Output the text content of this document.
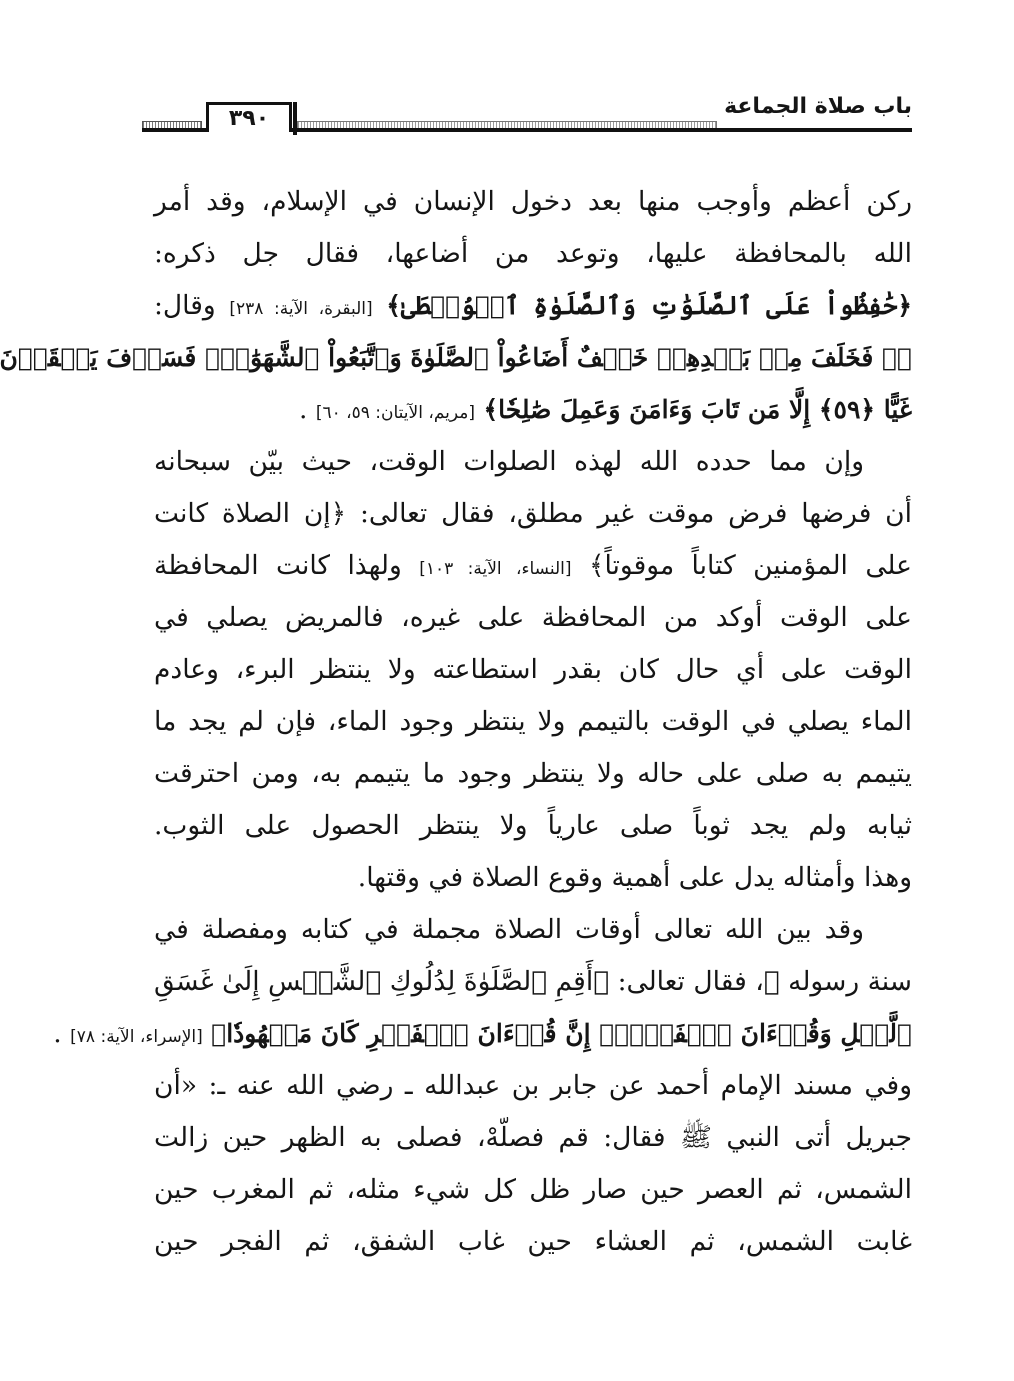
٣٩٠	باب صلاة الجماعة
ركن أعظم وأوجب منها بعد دخول الإنسان في الإسلام، وقد أمر
الله بالمحافظة عليها، وتوعد من أضاعها، فقال جل ذكره:
﴿حَٰفِظُواْ عَلَى ٱلصَّلَوَٰتِ وَٱلصَّلَوٰةِ ٱلۡوُسۡطَىٰ﴾ [البقرة، الآية: ٢٣٨] وقال:
﴿۞ فَخَلَفَ مِنۢ بَعۡدِهِمۡ خَلۡفٌ أَضَاعُواْ ٱلصَّلَوٰةَ وَٱتَّبَعُواْ ٱلشَّهَوَٰتِۖ فَسَوۡفَ يَلۡقَوۡنَ
غَيًّا ﴿٥٩﴾ إِلَّا مَن تَابَ وَءَامَنَ وَعَمِلَ صَٰلِحٗا﴾ [مريم، الآيتان: ٥٩، ٦٠] .
وإن مما حدده الله لهذه الصلوات الوقت، حيث بيّن سبحانه
أن فرضها فرض موقت غير مطلق، فقال تعالى: ﴿إن الصلاة كانت
على المؤمنين كتاباً موقوتاً﴾ [النساء، الآية: ١٠٣] ولهذا كانت المحافظة
على الوقت أوكد من المحافظة على غيره، فالمريض يصلي في
الوقت على أي حال كان بقدر استطاعته ولا ينتظر البرء، وعادم
الماء يصلي في الوقت بالتيمم ولا ينتظر وجود الماء، فإن لم يجد ما
يتيمم به صلى على حاله ولا ينتظر وجود ما يتيمم به، ومن احترقت
ثيابه ولم يجد ثوباً صلى عارياً ولا ينتظر الحصول على الثوب.
وهذا وأمثاله يدل على أهمية وقوع الصلاة في وقتها.
وقد بين الله تعالى أوقات الصلاة مجملة في كتابه ومفصلة في
سنة رسوله ﷺ، فقال تعالى: ﴿أَقِمِ ٱلصَّلَوٰةَ لِدُلُوكِ ٱلشَّمۡسِ إِلَىٰ غَسَقِ
ٱلَّيۡلِ وَقُرۡءَانَ ٱلۡفَجۡرِۖ إِنَّ قُرۡءَانَ ٱلۡفَجۡرِ كَانَ مَشۡهُودٗا﴾ [الإسراء، الآية: ٧٨] .
وفي مسند الإمام أحمد عن جابر بن عبدالله ـ رضي الله عنه ـ: «أن
جبريل أتى النبي ﷺ فقال: قم فصلّهْ، فصلى به الظهر حين زالت
الشمس، ثم العصر حين صار ظل كل شيء مثله، ثم المغرب حين
غابت الشمس، ثم العشاء حين غاب الشفق، ثم الفجر حين
